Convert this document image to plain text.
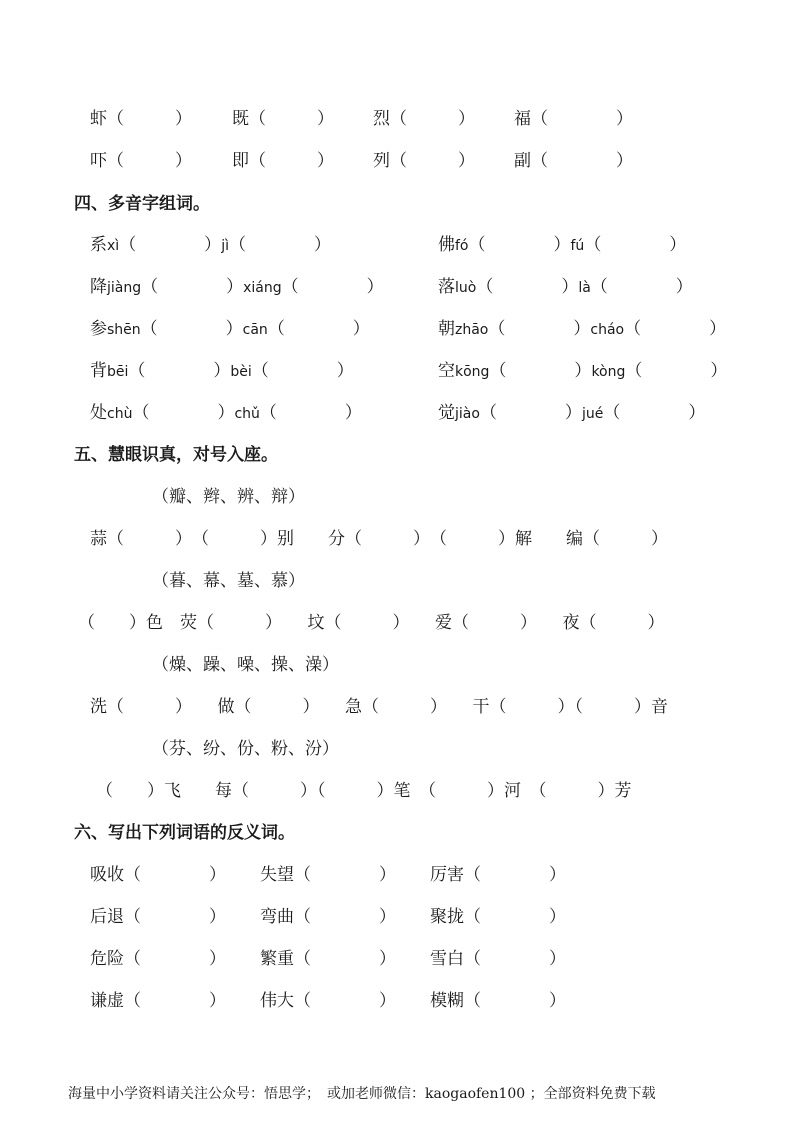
虾（　　　） 既（　　　） 烈（　　　） 福（　　　　）
吓（　　　） 即（　　　） 列（　　　） 副（　　　　）
四、多音字组词。
系xì（　　　　）jì（　　　　）	佛fó（　　　　）fú（　　　　）
降jiàng（　　　　）xiáng（　　　　）	落luò（　　　　）là（　　　　）
参shēn（　　　　）cān（　　　　）	朝zhāo（　　　　）cháo（　　　　）
背bēi（　　　　）bèi（　　　　）	空kōng（　　　　）kòng（　　　　）
处chù（　　　　）chǔ（　　　　）	觉jiào（　　　　）jué（　　　　）
五、慧眼识真，对号入座。
（瓣、辫、辨、辩）
蒜（　　　）　（　　　）别　　分（　　　）　（　　　）解　　编（　　　）
（暮、幕、墓、慕）
（　　）色　荧（　　　）　　坟（　　　）　　爱（　　　）　　夜（　　　）
（燥、躁、噪、操、澡）
洗（　　　）　　做（　　　）　　急（　　　）　　干（　　　）（　　　）音
（芬、纷、份、粉、汾）
（　　）飞　　每（　　　）（　　　）笔　（　　　）河　（　　　）芳
六、写出下列词语的反义词。
吸收（　　　　） 失望（　　　　） 厉害（　　　　）
后退（　　　　） 弯曲（　　　　） 聚拢（　　　　）
危险（　　　　） 繁重（　　　　） 雪白（　　　　）
谦虚（　　　　） 伟大（　　　　） 模糊（　　　　）
海量中小学资料请关注公众号：悟思学；　或加老师微信：kaogaofen100 ；全部资料免费下载
